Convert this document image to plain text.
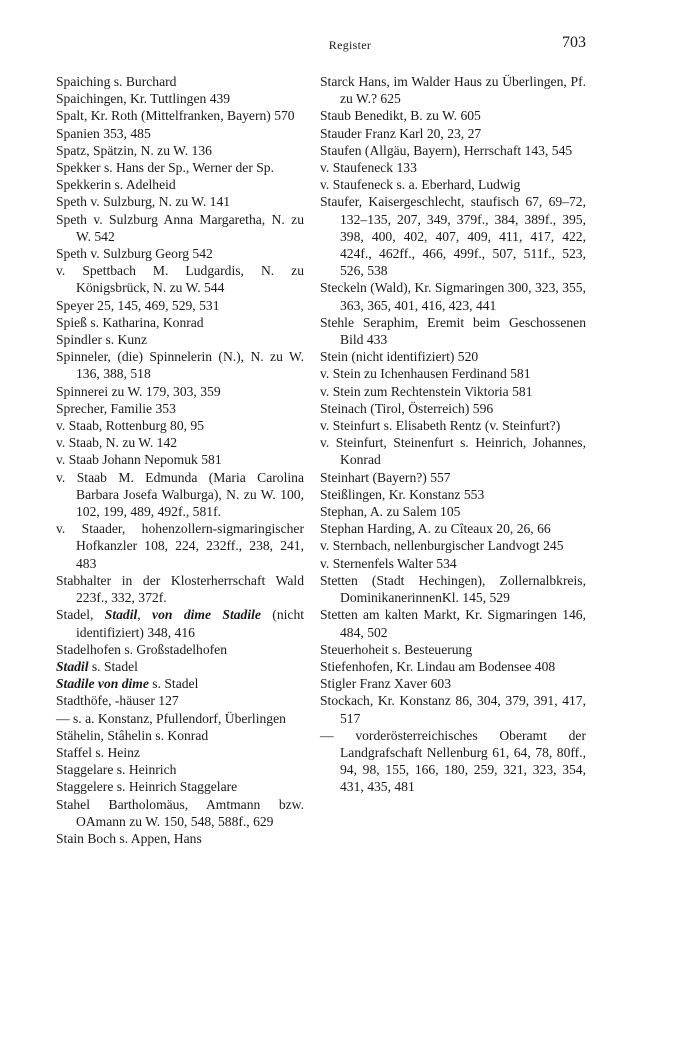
Register	703

Spaiching s. Burchard

Spaichingen, Kr. Tuttlingen 439

Spalt, Kr. Roth (Mittelfranken, Bayern) 570

Spanien 353, 485

Spatz, Spätzin, N. zu W. 136

Spekker s. Hans der Sp., Werner der Sp.

Spekkerin s. Adelheid

Speth v. Sulzburg, N. zu W. 141

Speth v. Sulzburg Anna Margaretha, N. zu W. 542

Speth v. Sulzburg Georg 542

v. Spettbach M. Ludgardis, N. zu Königsbrück, N. zu W. 544

Speyer 25, 145, 469, 529, 531

Spieß s. Katharina, Konrad

Spindler s. Kunz

Spinneler, (die) Spinnelerin (N.), N. zu W. 136, 388, 518

Spinnerei zu W. 179, 303, 359

Sprecher, Familie 353

v. Staab, Rottenburg 80, 95

v. Staab, N. zu W. 142

v. Staab Johann Nepomuk 581

v. Staab M. Edmunda (Maria Carolina Barbara Josefa Walburga), N. zu W. 100, 102, 199, 489, 492f., 581f.

v. Staader, hohenzollern-sigmaringischer Hofkanzler 108, 224, 232ff., 238, 241, 483

Stabhalter in der Klosterherrschaft Wald 223f., 332, 372f.

Stadel, Stadil, von dime Stadile (nicht identifiziert) 348, 416

Stadelhofen s. Großstadelhofen

Stadil s. Stadel

Stadile von dime s. Stadel

Stadthöfe, -häuser 127

— s. a. Konstanz, Pfullendorf, Überlingen

Stähelin, Stâhelin s. Konrad

Staffel s. Heinz

Staggelare s. Heinrich

Staggelere s. Heinrich Staggelare

Stahel Bartholomäus, Amtmann bzw. OAmann zu W. 150, 548, 588f., 629

Stain Boch s. Appen, Hans

Starck Hans, im Walder Haus zu Überlingen, Pf. zu W.? 625

Staub Benedikt, B. zu W. 605

Stauder Franz Karl 20, 23, 27

Staufen (Allgäu, Bayern), Herrschaft 143, 545

v. Staufeneck 133

v. Staufeneck s. a. Eberhard, Ludwig

Staufer, Kaisergeschlecht, staufisch 67, 69–72, 132–135, 207, 349, 379f., 384, 389f., 395, 398, 400, 402, 407, 409, 411, 417, 422, 424f., 462ff., 466, 499f., 507, 511f., 523, 526, 538

Steckeln (Wald), Kr. Sigmaringen 300, 323, 355, 363, 365, 401, 416, 423, 441

Stehle Seraphim, Eremit beim Geschossenen Bild 433

Stein (nicht identifiziert) 520

v. Stein zu Ichenhausen Ferdinand 581

v. Stein zum Rechtenstein Viktoria 581

Steinach (Tirol, Österreich) 596

v. Steinfurt s. Elisabeth Rentz (v. Steinfurt?)

v. Steinfurt, Steinenfurt s. Heinrich, Johannes, Konrad

Steinhart (Bayern?) 557

Steißlingen, Kr. Konstanz 553

Stephan, A. zu Salem 105

Stephan Harding, A. zu Cîteaux 20, 26, 66

v. Sternbach, nellenburgischer Landvogt 245

v. Sternenfels Walter 534

Stetten (Stadt Hechingen), Zollernalbkreis, DominikanerinnenKl. 145, 529

Stetten am kalten Markt, Kr. Sigmaringen 146, 484, 502

Steuerhoheit s. Besteuerung

Stiefenhofen, Kr. Lindau am Bodensee 408

Stigler Franz Xaver 603

Stockach, Kr. Konstanz 86, 304, 379, 391, 417, 517

— vorderösterreichisches Oberamt der Landgrafschaft Nellenburg 61, 64, 78, 80ff., 94, 98, 155, 166, 180, 259, 321, 323, 354, 431, 435, 481
